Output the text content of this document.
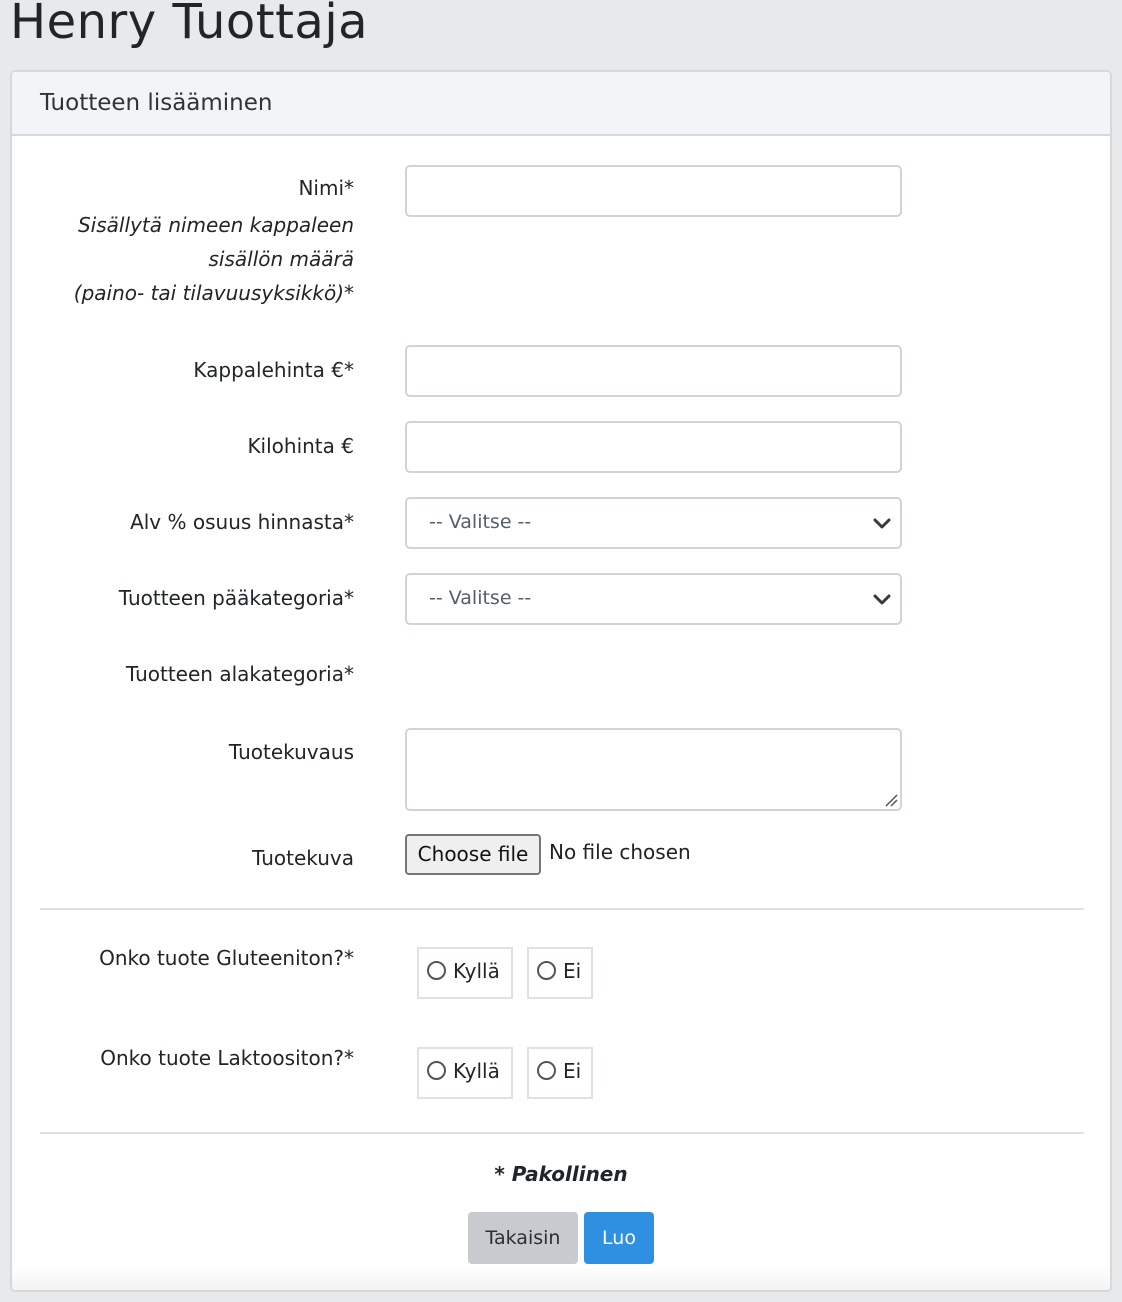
Henry Tuottaja
Tuotteen lisääminen
Nimi*
Sisällytä nimeen kappaleen
sisällön määrä
(paino- tai tilavuusyksikkö)*
Kappalehinta €*
Kilohinta €
Alv % osuus hinnasta*	-- Valitse --
Tuotteen pääkategoria*	-- Valitse --
Tuotteen alakategoria*
Tuotekuvaus
Tuotekuva	Choose file	No file chosen
Onko tuote Gluteeniton?*
Kyllä	Ei
Onko tuote Laktoositon?*
Kyllä	Ei
* Pakollinen
Takaisin	Luo
